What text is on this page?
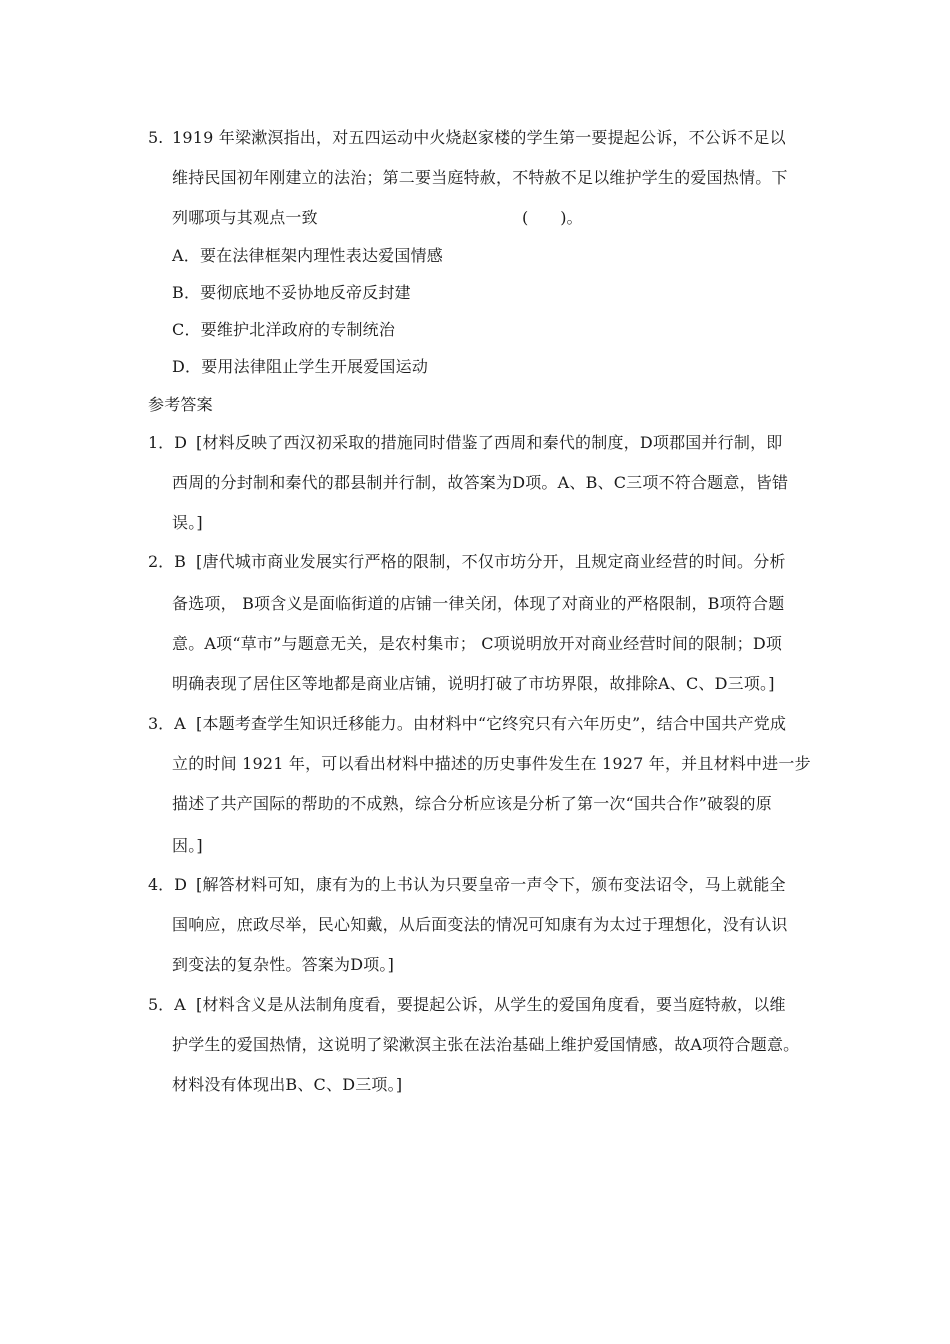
5. 1919 年梁漱溟指出，对五四运动中火烧赵家楼的学生第一要提起公诉，不公诉不足以
维持民国初年刚建立的法治；第二要当庭特赦，不特赦不足以维护学生的爱国热情。下
列哪项与其观点一致	(　　)。
A．要在法律框架内理性表达爱国情感
B．要彻底地不妥协地反帝反封建
C．要维护北洋政府的专制统治
D．要用法律阻止学生开展爱国运动
参考答案
1．D [材料反映了西汉初采取的措施同时借鉴了西周和秦代的制度，D项郡国并行制，即
西周的分封制和秦代的郡县制并行制，故答案为D项。A、B、C三项不符合题意，皆错
误。]
2．B [唐代城市商业发展实行严格的限制，不仅市坊分开，且规定商业经营的时间。分析
备选项， B项含义是面临街道的店铺一律关闭，体现了对商业的严格限制，B项符合题
意。A项“草市”与题意无关，是农村集市； C项说明放开对商业经营时间的限制；D项
明确表现了居住区等地都是商业店铺，说明打破了市坊界限，故排除A、C、D三项。]
3．A [本题考查学生知识迁移能力。由材料中“它终究只有六年历史”，结合中国共产党成
立的时间 1921 年，可以看出材料中描述的历史事件发生在 1927 年，并且材料中进一步
描述了共产国际的帮助的不成熟，综合分析应该是分析了第一次“国共合作”破裂的原
因。]
4．D [解答材料可知，康有为的上书认为只要皇帝一声令下，颁布变法诏令，马上就能全
国响应，庶政尽举，民心知戴，从后面变法的情况可知康有为太过于理想化，没有认识
到变法的复杂性。答案为D项。]
5．A [材料含义是从法制角度看，要提起公诉，从学生的爱国角度看，要当庭特赦，以维
护学生的爱国热情，这说明了梁漱溟主张在法治基础上维护爱国情感，故A项符合题意。
材料没有体现出B、C、D三项。]
